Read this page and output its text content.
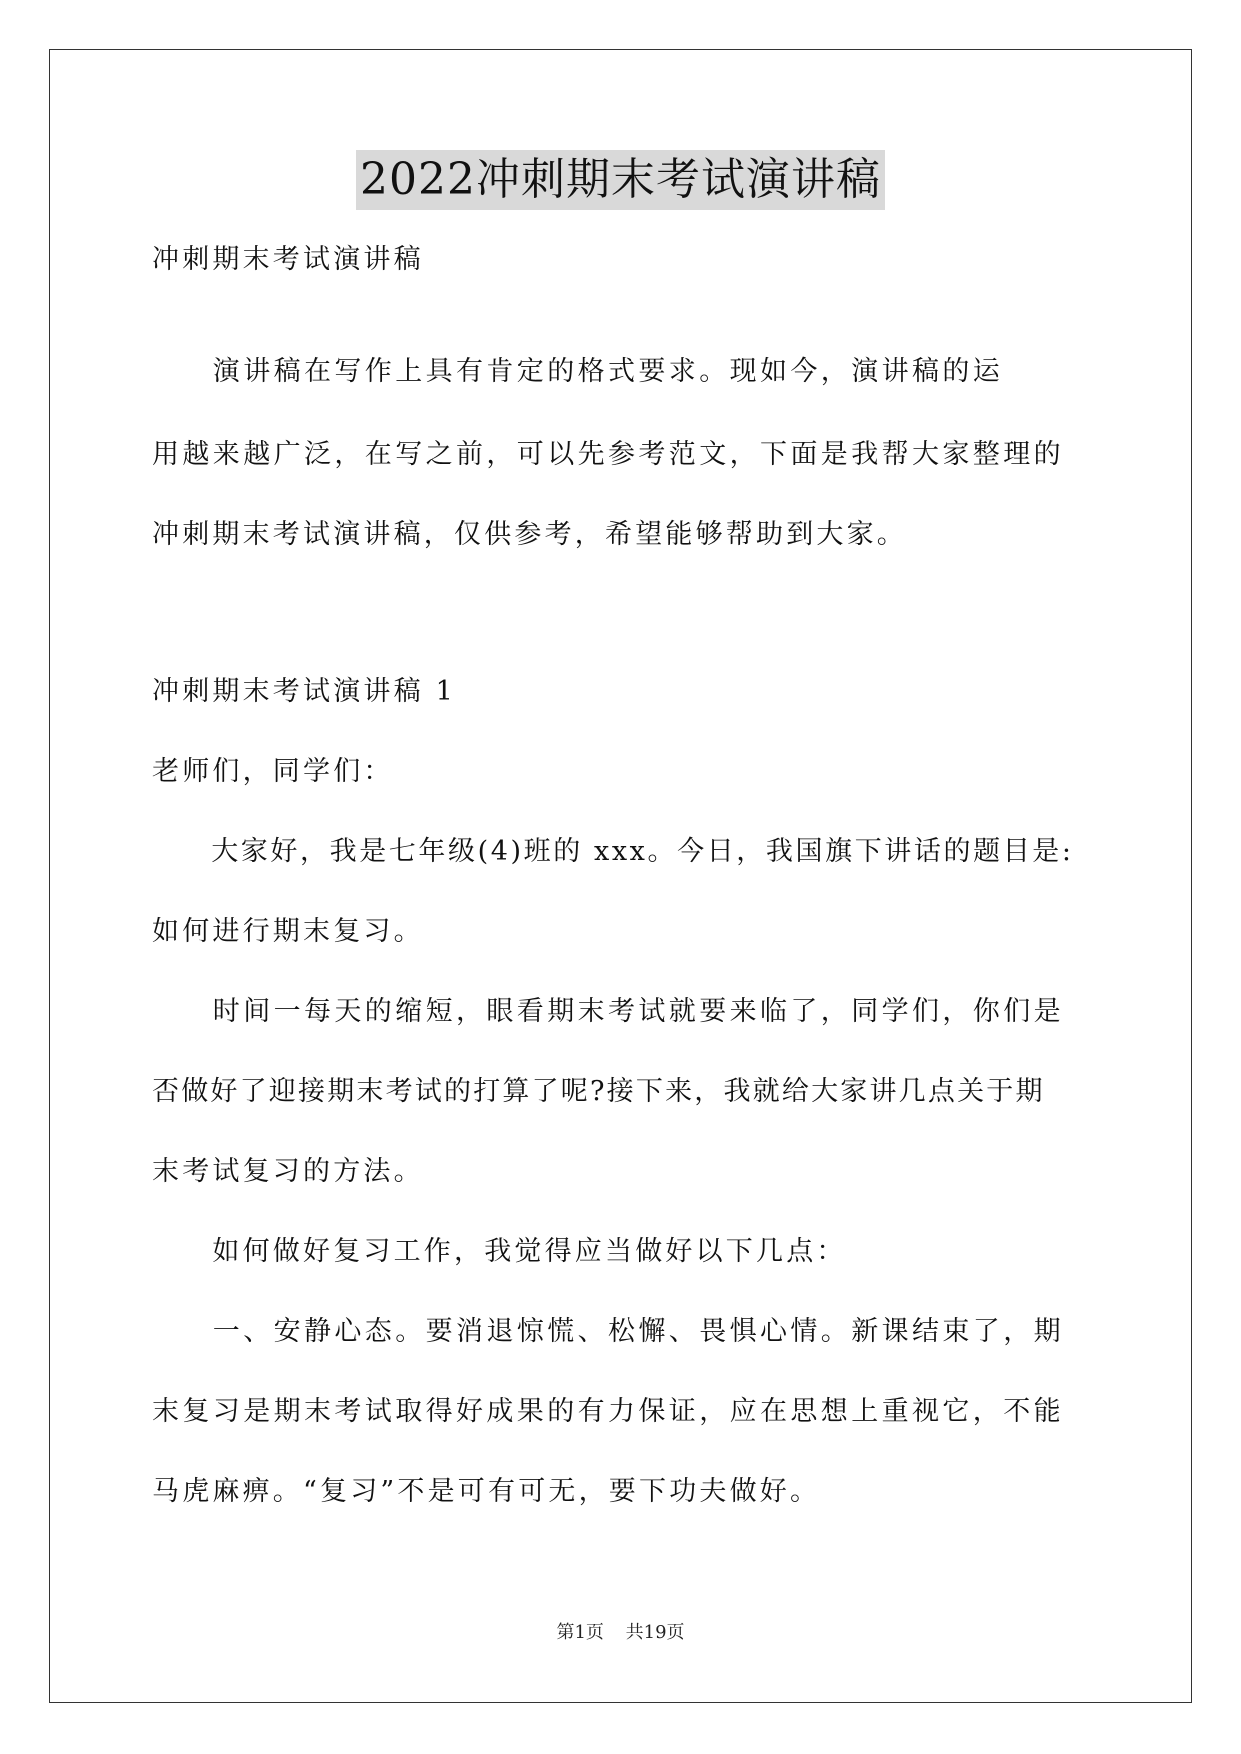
2022冲刺期末考试演讲稿
冲刺期末考试演讲稿
　　演讲稿在写作上具有肯定的格式要求。现如今，演讲稿的运
用越来越广泛，在写之前，可以先参考范文，下面是我帮大家整理的
冲刺期末考试演讲稿，仅供参考，希望能够帮助到大家。
冲刺期末考试演讲稿 1
老师们，同学们：
　　大家好，我是七年级(4)班的 xxx。今日，我国旗下讲话的题目是:
如何进行期末复习。
　　时间一每天的缩短，眼看期末考试就要来临了，同学们，你们是
否做好了迎接期末考试的打算了呢?接下来，我就给大家讲几点关于期
末考试复习的方法。
　　如何做好复习工作，我觉得应当做好以下几点：
　　一、安静心态。要消退惊慌、松懈、畏惧心情。新课结束了，期
末复习是期末考试取得好成果的有力保证，应在思想上重视它，不能
马虎麻痹。“复习”不是可有可无，要下功夫做好。
第1页 共19页
